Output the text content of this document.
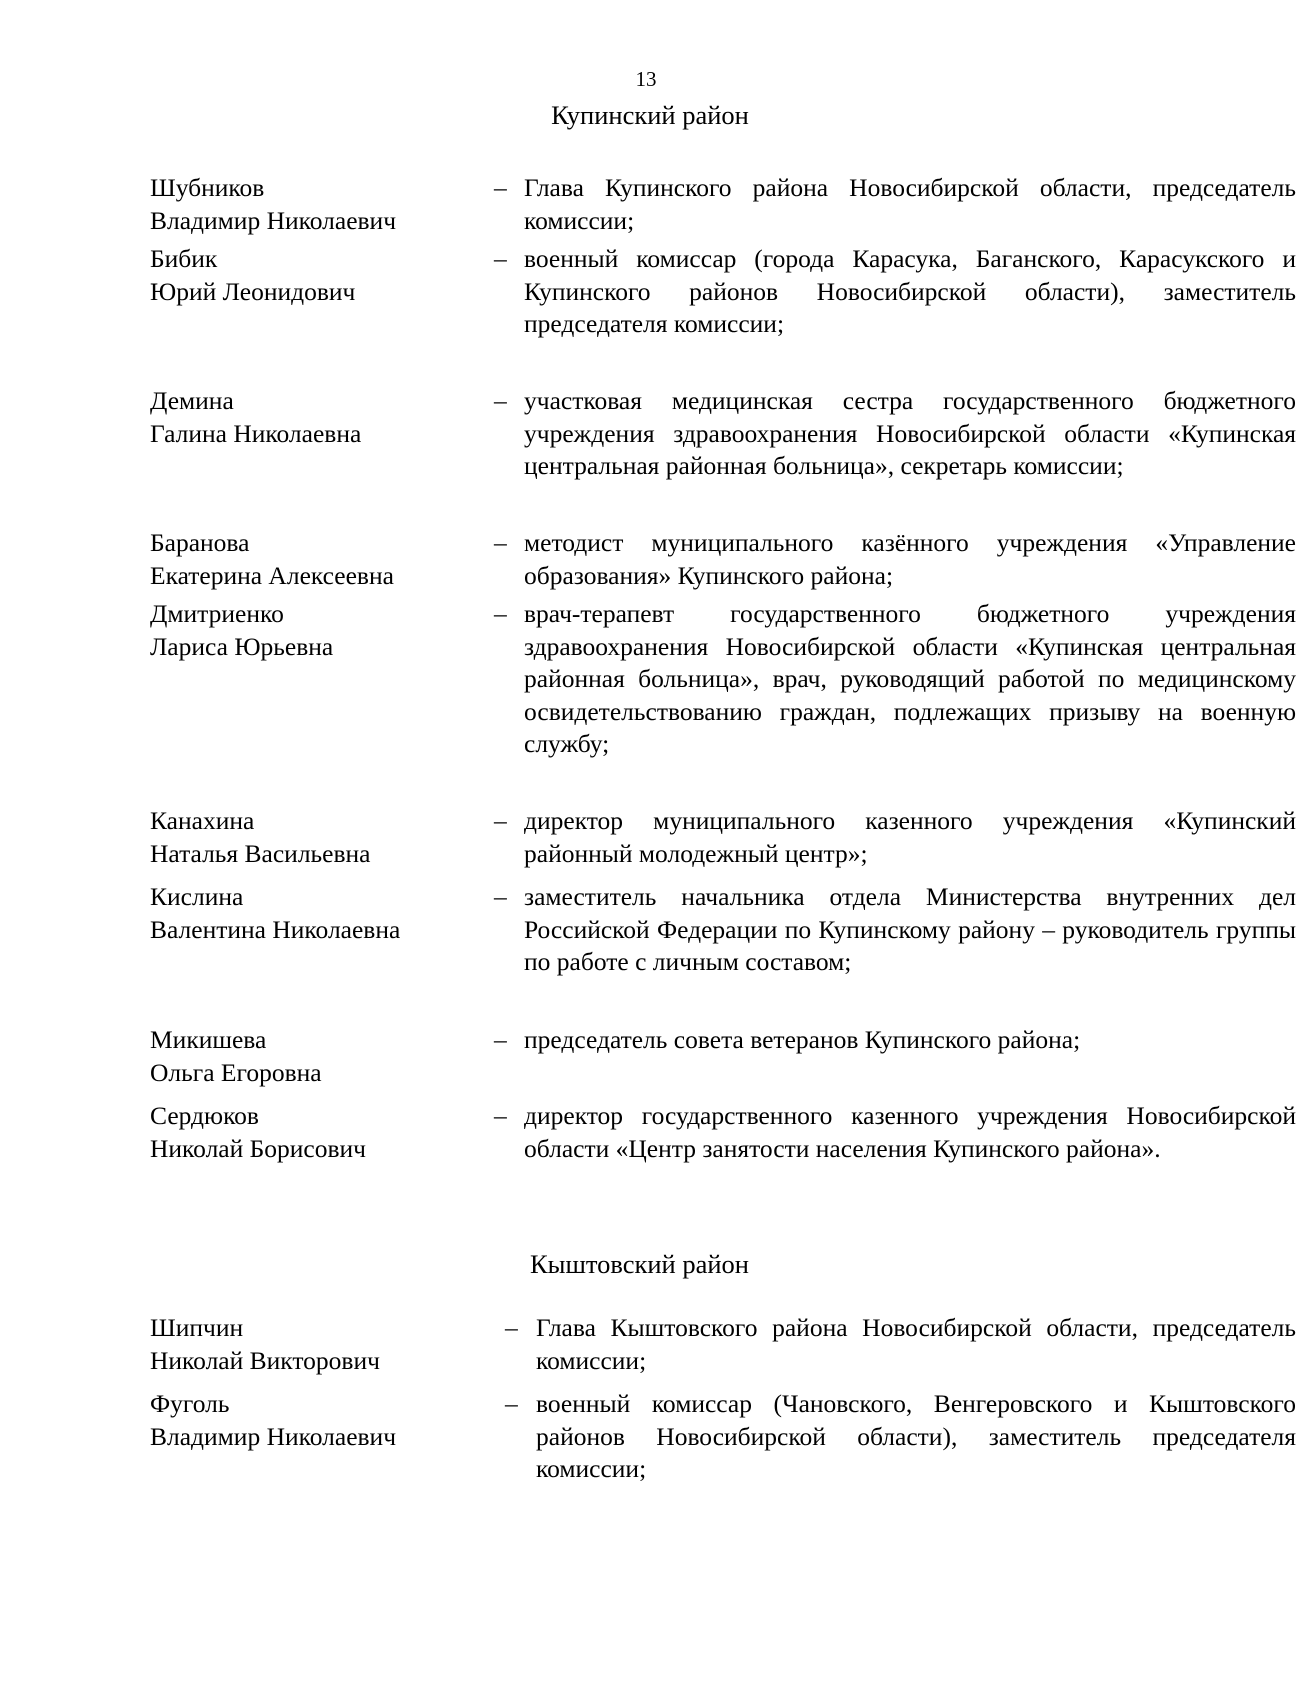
13
Купинский район
Шубников
Владимир Николаевич
– Глава Купинского района Новосибирской области, председатель комиссии;
Бибик
Юрий Леонидович
– военный комиссар (города Карасука, Баганского, Карасукского и Купинского районов Новосибирской области), заместитель председателя комиссии;
Демина
Галина Николаевна
– участковая медицинская сестра государственного бюджетного учреждения здравоохранения Новосибирской области «Купинская центральная районная больница», секретарь комиссии;
Баранова
Екатерина Алексеевна
– методист муниципального казённого учреждения «Управление образования» Купинского района;
Дмитриенко
Лариса Юрьевна
– врач-терапевт государственного бюджетного учреждения здравоохранения Новосибирской области «Купинская центральная районная больница», врач, руководящий работой по медицинскому освидетельствованию граждан, подлежащих призыву на военную службу;
Канахина
Наталья Васильевна
– директор муниципального казенного учреждения «Купинский районный молодежный центр»;
Кислина
Валентина Николаевна
– заместитель начальника отдела Министерства внутренних дел Российской Федерации по Купинскому району – руководитель группы по работе с личным составом;
Микишева
Ольга Егоровна
– председатель совета ветеранов Купинского района;
Сердюков
Николай Борисович
– директор государственного казенного учреждения Новосибирской области «Центр занятости населения Купинского района».
Кыштовский район
Шипчин
Николай Викторович
– Глава Кыштовского района Новосибирской области, председатель комиссии;
Фуголь
Владимир Николаевич
– военный комиссар (Чановского, Венгеровского и Кыштовского районов Новосибирской области), заместитель председателя комиссии;
